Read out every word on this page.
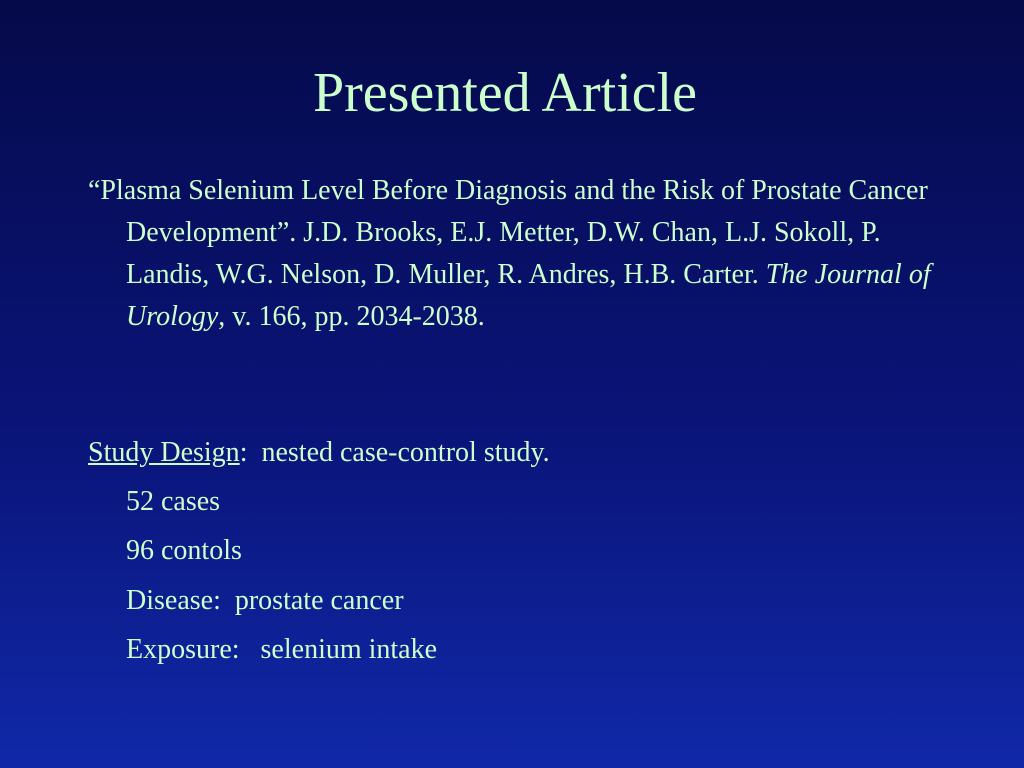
Presented Article
“Plasma Selenium Level Before Diagnosis and the Risk of Prostate Cancer Development”. J.D. Brooks, E.J. Metter, D.W. Chan, L.J. Sokoll, P. Landis, W.G. Nelson, D. Muller, R. Andres, H.B. Carter. The Journal of Urology, v. 166, pp. 2034-2038.
Study Design:  nested case-control study.
52 cases
96 contols
Disease:  prostate cancer
Exposure:   selenium intake
